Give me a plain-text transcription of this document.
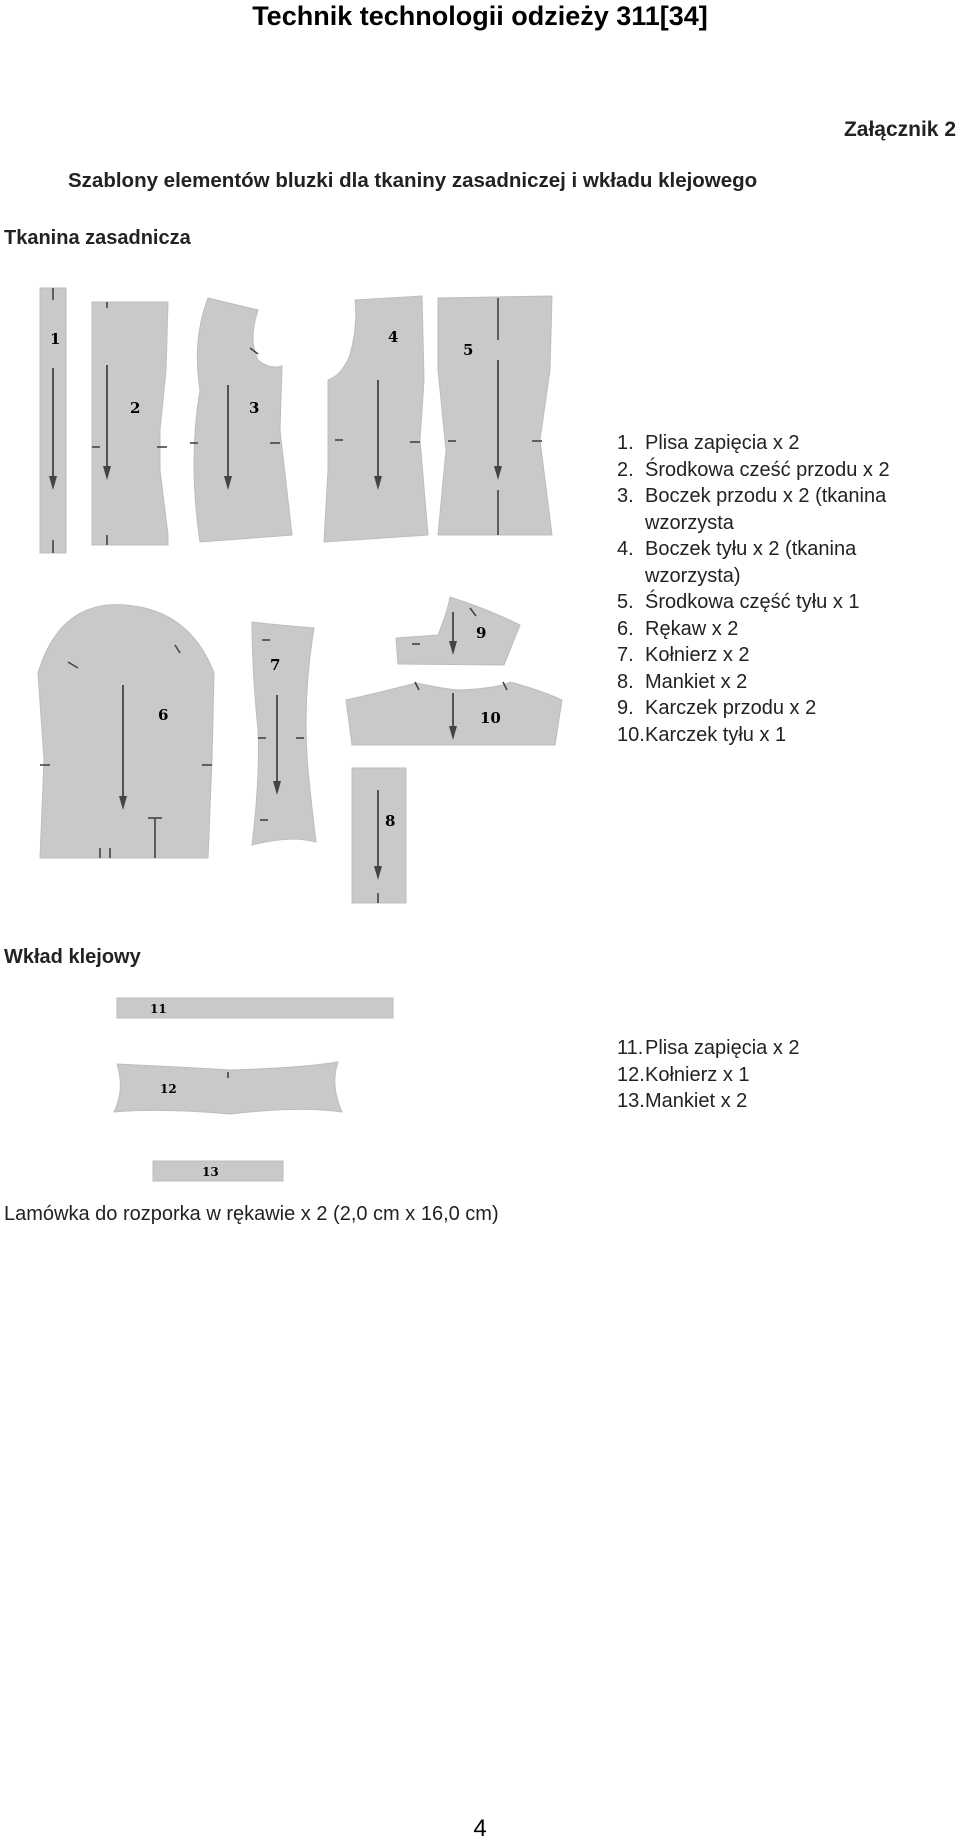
Technik technologii odzieży 311[34]
Załącznik 2
Szablony elementów bluzki dla tkaniny zasadniczej i wkładu klejowego
Tkanina zasadnicza
1
2	3
4
5
6
7
8
9
10
1. Plisa zapięcia x 2
2. Środkowa cześć przodu x 2
3. Boczek przodu x 2 (tkanina
wzorzysta
4. Boczek tyłu x 2 (tkanina
wzorzysta)
5. Środkowa część tyłu x 1
6. Rękaw x 2
7. Kołnierz x 2
8. Mankiet x 2
9. Karczek przodu x 2
10. Karczek tyłu x 1
Wkład klejowy
11
12
13
11. Plisa zapięcia x 2
12. Kołnierz x 1
13. Mankiet x 2
Lamówka do rozporka w rękawie x 2 (2,0 cm x 16,0 cm)
4
